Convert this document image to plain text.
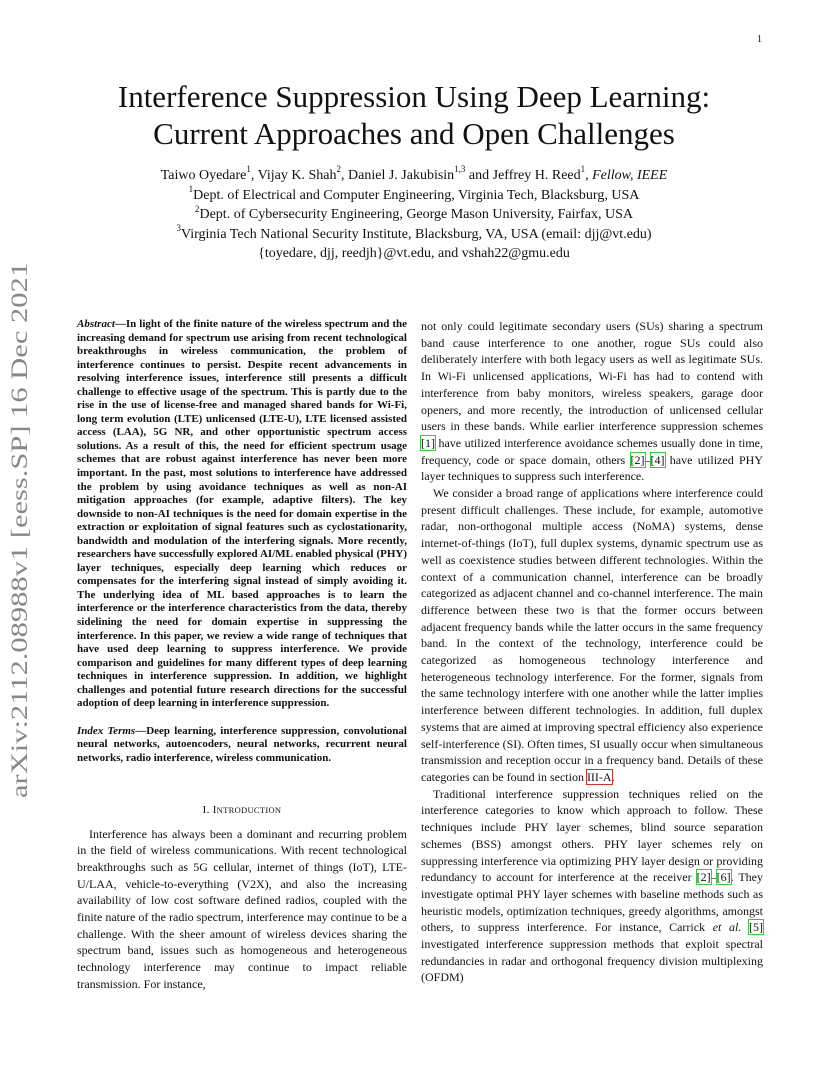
1
arXiv:2112.08988v1 [eess.SP] 16 Dec 2021
Interference Suppression Using Deep Learning:
Current Approaches and Open Challenges
Taiwo Oyedare$^1$, Vijay K. Shah$^2$, Daniel J. Jakubisin$^{1,3}$ and Jeffrey H. Reed$^1$, Fellow, IEEE
$^1$Dept. of Electrical and Computer Engineering, Virginia Tech, Blacksburg, USA
$^2$Dept. of Cybersecurity Engineering, George Mason University, Fairfax, USA
$^3$Virginia Tech National Security Institute, Blacksburg, VA, USA (email: djj@vt.edu)
{toyedare, djj, reedjh}@vt.edu, and vshah22@gmu.edu

Abstract—In light of the finite nature of the wireless spectrum and the increasing demand for spectrum use arising from recent technological breakthroughs in wireless communication, the problem of interference continues to persist. Despite recent advancements in resolving interference issues, interference still presents a difficult challenge to effective usage of the spectrum. This is partly due to the rise in the use of license-free and managed shared bands for Wi-Fi, long term evolution (LTE) unlicensed (LTE-U), LTE licensed assisted access (LAA), 5G NR, and other opportunistic spectrum access solutions. As a result of this, the need for efficient spectrum usage schemes that are robust against interference has never been more important. In the past, most solutions to interference have addressed the problem by using avoidance techniques as well as non-AI mitigation approaches (for example, adaptive filters). The key downside to non-AI techniques is the need for domain expertise in the extraction or exploitation of signal features such as cyclostationarity, bandwidth and modulation of the interfering signals. More recently, researchers have successfully explored AI/ML enabled physical (PHY) layer techniques, especially deep learning which reduces or compensates for the interfering signal instead of simply avoiding it. The underlying idea of ML based approaches is to learn the interference or the interference characteristics from the data, thereby sidelining the need for domain expertise in suppressing the interference. In this paper, we review a wide range of techniques that have used deep learning to suppress interference. We provide comparison and guidelines for many different types of deep learning techniques in interference suppression. In addition, we highlight challenges and potential future research directions for the successful adoption of deep learning in interference suppression.

Index Terms—Deep learning, interference suppression, convolutional neural networks, autoencoders, neural networks, recurrent neural networks, radio interference, wireless communication.

I. INTRODUCTION

Interference has always been a dominant and recurring problem in the field of wireless communications. With recent technological breakthroughs such as 5G cellular, internet of things (IoT), LTE-U/LAA, vehicle-to-everything (V2X), and also the increasing availability of low cost software defined radios, coupled with the finite nature of the radio spectrum, interference may continue to be a challenge. With the sheer amount of wireless devices sharing the spectrum band, issues such as homogeneous and heterogeneous technology interference may continue to impact reliable transmission. For instance,

not only could legitimate secondary users (SUs) sharing a spectrum band cause interference to one another, rogue SUs could also deliberately interfere with both legacy users as well as legitimate SUs. In Wi-Fi unlicensed applications, Wi-Fi has had to contend with interference from baby monitors, wireless speakers, garage door openers, and more recently, the introduction of unlicensed cellular users in these bands. While earlier interference suppression schemes [1] have utilized interference avoidance schemes usually done in time, frequency, code or space domain, others [2]–[4] have utilized PHY layer techniques to suppress such interference.

We consider a broad range of applications where interference could present difficult challenges. These include, for example, automotive radar, non-orthogonal multiple access (NoMA) systems, dense internet-of-things (IoT), full duplex systems, dynamic spectrum use as well as coexistence studies between different technologies. Within the context of a communication channel, interference can be broadly categorized as adjacent channel and co-channel interference. The main difference between these two is that the former occurs between adjacent frequency bands while the latter occurs in the same frequency band. In the context of the technology, interference could be categorized as homogeneous technology interference and heterogeneous technology interference. For the former, signals from the same technology interfere with one another while the latter implies interference between different technologies. In addition, full duplex systems that are aimed at improving spectral efficiency also experience self-interference (SI). Often times, SI usually occur when simultaneous transmission and reception occur in a frequency band. Details of these categories can be found in section III-A.

Traditional interference suppression techniques relied on the interference categories to know which approach to follow. These techniques include PHY layer schemes, blind source separation schemes (BSS) amongst others. PHY layer schemes rely on suppressing interference via optimizing PHY layer design or providing redundancy to account for interference at the receiver [2]–[6]. They investigate optimal PHY layer schemes with baseline methods such as heuristic models, optimization techniques, greedy algorithms, amongst others, to suppress interference. For instance, Carrick et al. [5] investigated interference suppression methods that exploit spectral redundancies in radar and orthogonal frequency division multiplexing (OFDM)
